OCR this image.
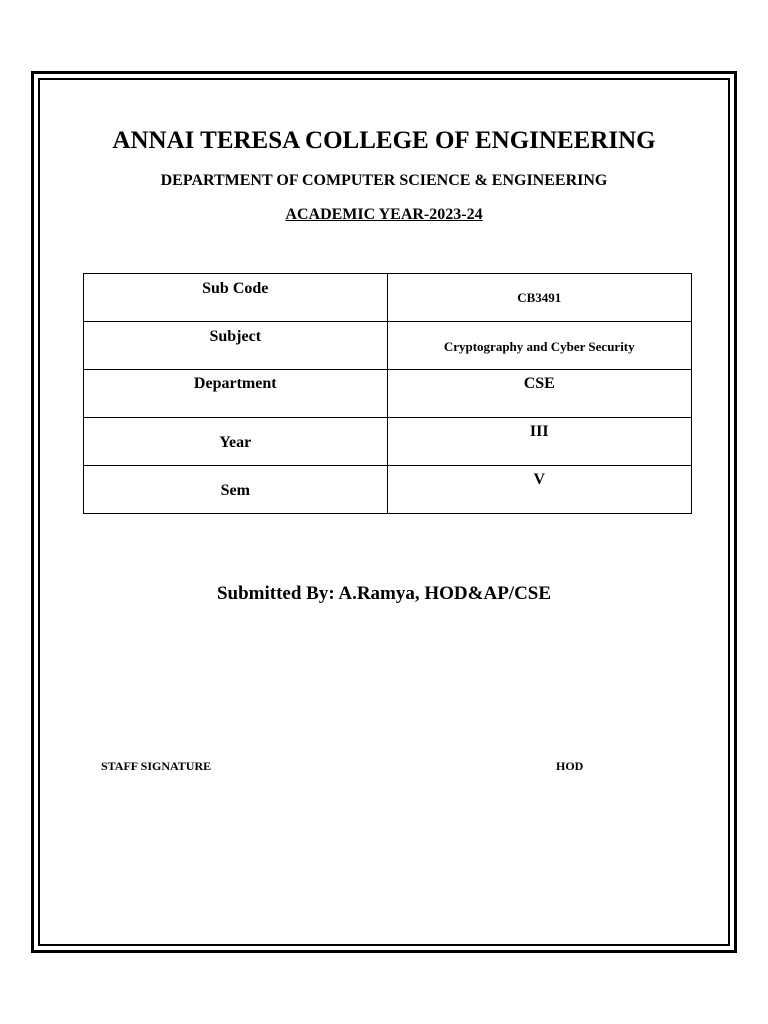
ANNAI TERESA COLLEGE OF ENGINEERING
DEPARTMENT OF COMPUTER SCIENCE & ENGINEERING
ACADEMIC YEAR-2023-24
Sub Code	CB3491

Subject	Cryptography and Cyber Security

Department	CSE

Year	III

Sem	V
Submitted By: A.Ramya, HOD&AP/CSE
STAFF SIGNATURE	HOD
